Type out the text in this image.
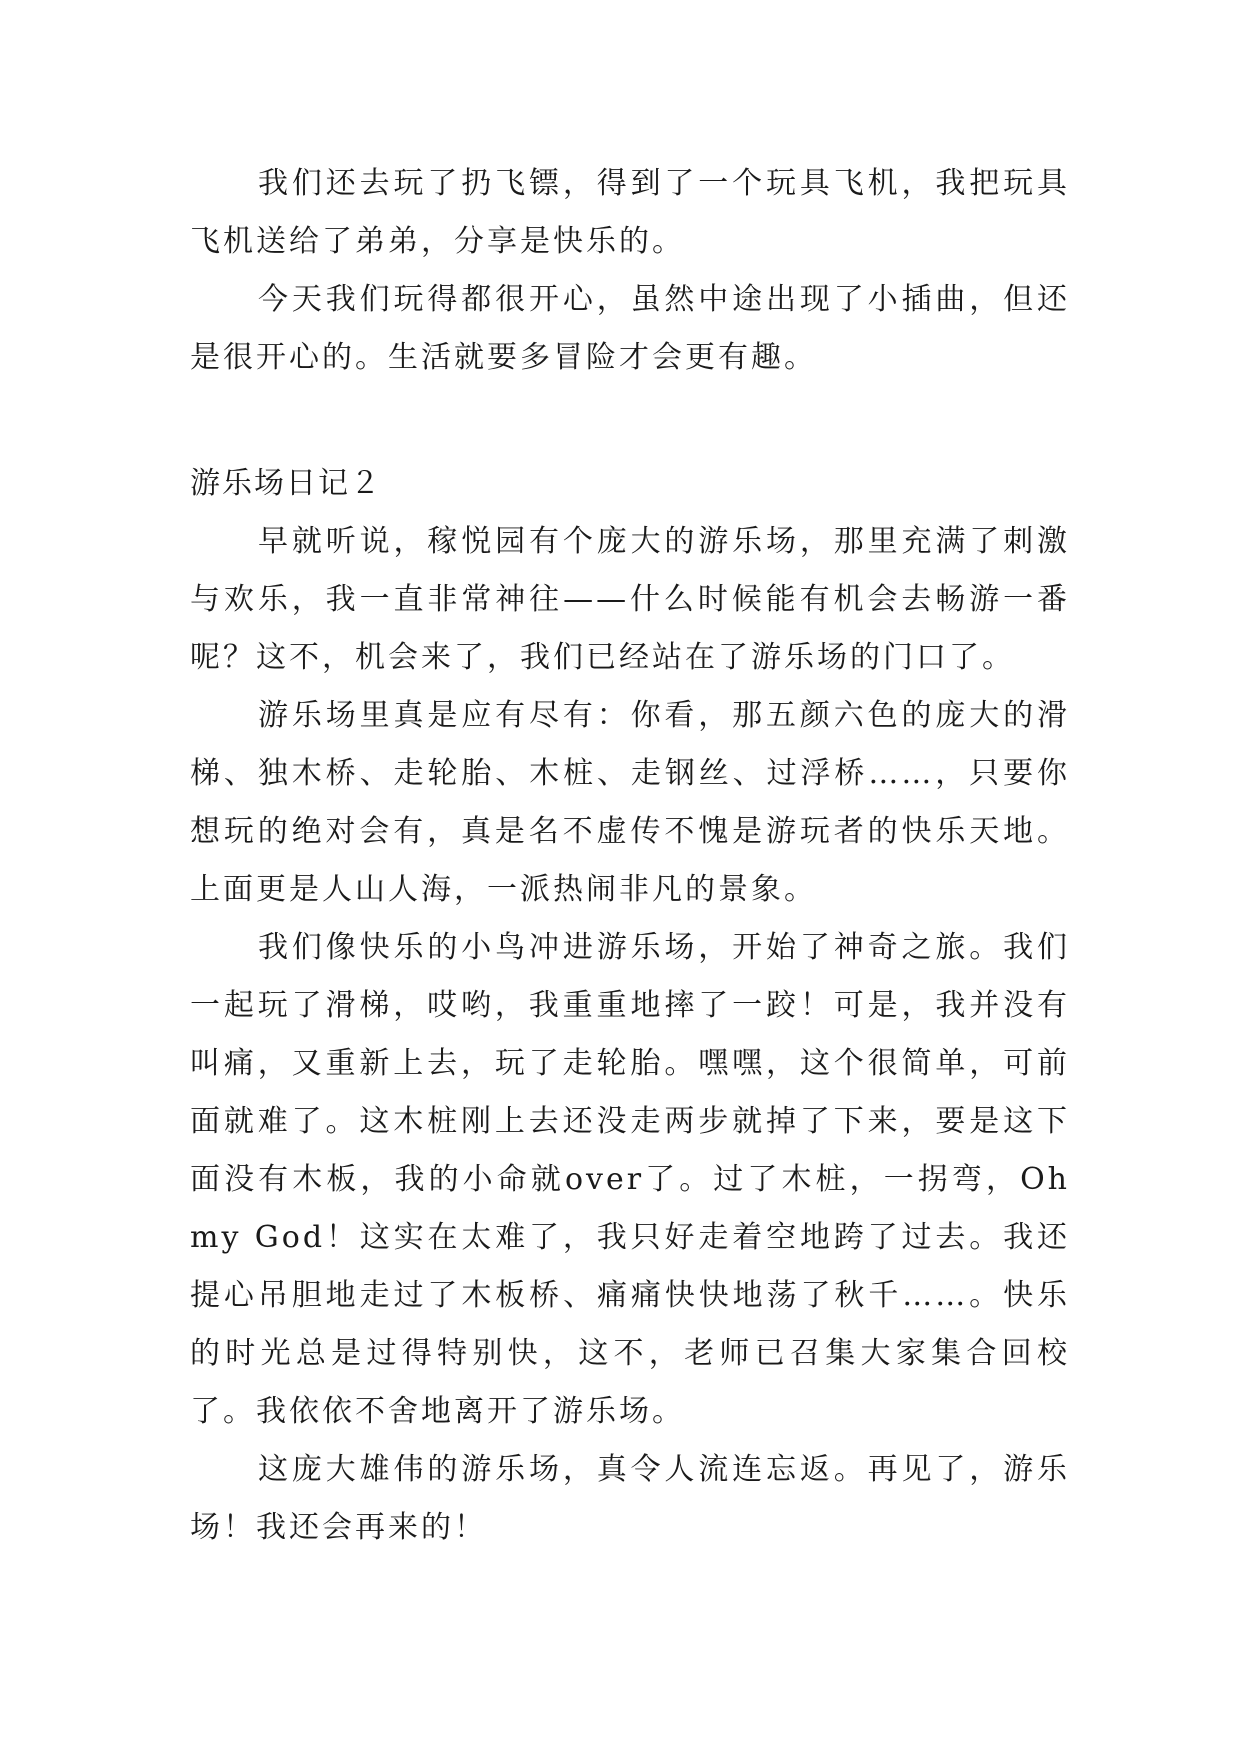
我们还去玩了扔飞镖，得到了一个玩具飞机，我把玩具飞机送给了弟弟，分享是快乐的。

今天我们玩得都很开心，虽然中途出现了小插曲，但还是很开心的。生活就要多冒险才会更有趣。

游乐场日记２

早就听说，稼悦园有个庞大的游乐场，那里充满了刺激与欢乐，我一直非常神往——什么时候能有机会去畅游一番呢？这不，机会来了，我们已经站在了游乐场的门口了。

游乐场里真是应有尽有：你看，那五颜六色的庞大的滑梯、独木桥、走轮胎、木桩、走钢丝、过浮桥……，只要你想玩的绝对会有，真是名不虚传不愧是游玩者的快乐天地。上面更是人山人海，一派热闹非凡的景象。

我们像快乐的小鸟冲进游乐场，开始了神奇之旅。我们一起玩了滑梯，哎哟，我重重地摔了一跤！可是，我并没有叫痛，又重新上去，玩了走轮胎。嘿嘿，这个很简单，可前面就难了。这木桩刚上去还没走两步就掉了下来，要是这下面没有木板，我的小命就over了。过了木桩，一拐弯，Oh my God！这实在太难了，我只好走着空地跨了过去。我还提心吊胆地走过了木板桥、痛痛快快地荡了秋千……。快乐的时光总是过得特别快，这不，老师已召集大家集合回校了。我依依不舍地离开了游乐场。

这庞大雄伟的游乐场，真令人流连忘返。再见了，游乐场！我还会再来的！
